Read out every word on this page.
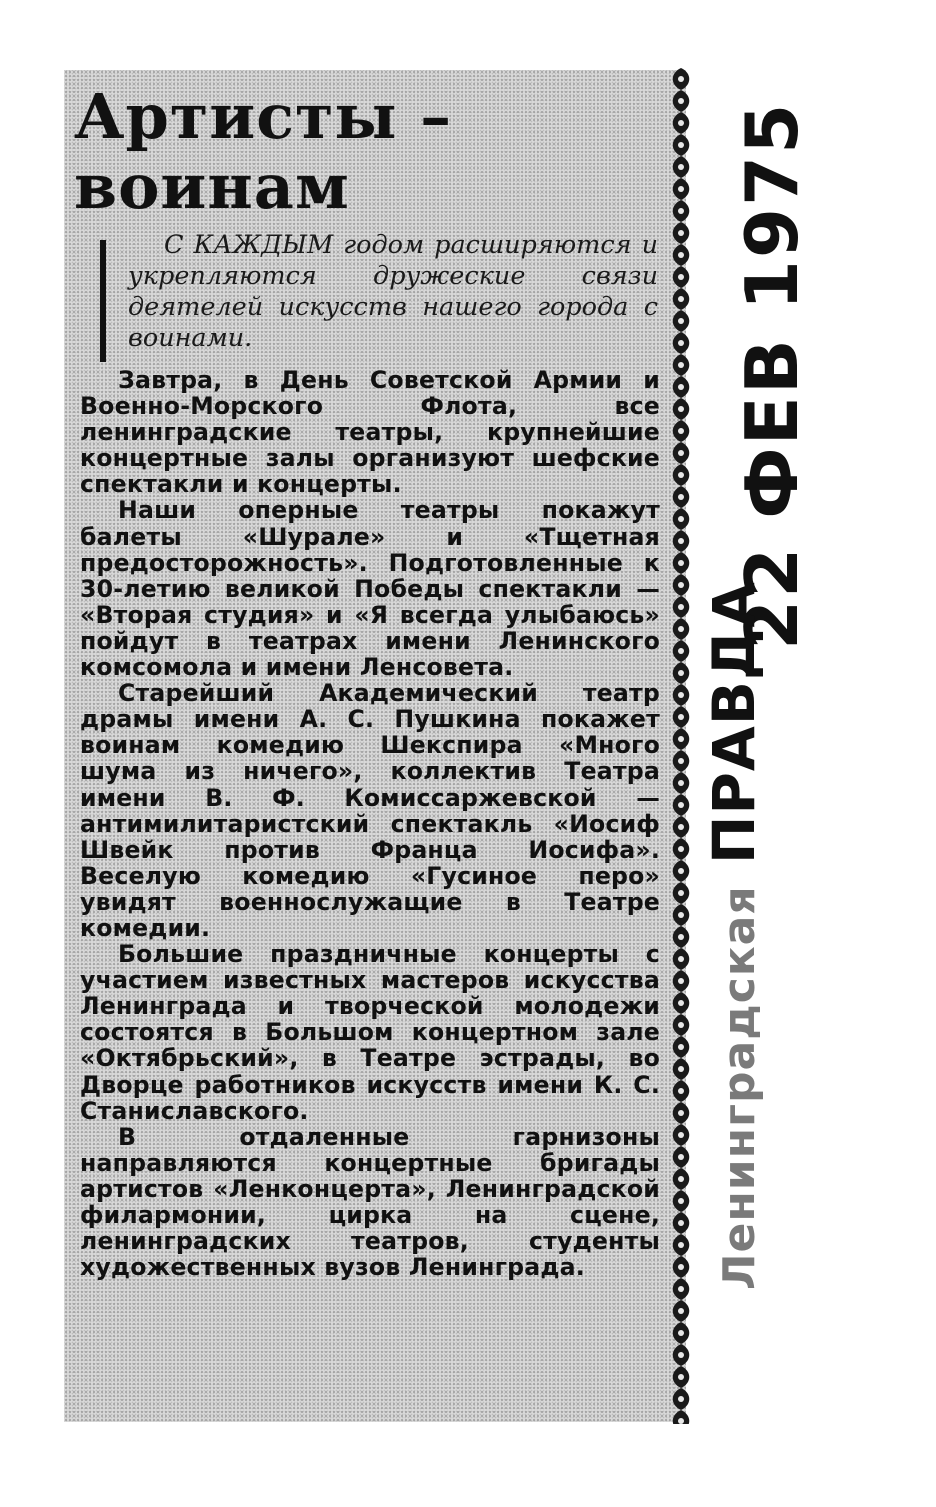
Артисты –
воинам

С КАЖДЫМ годом расширяются и укрепляются дружеские связи деятелей искусств нашего города с воинами.

Завтра, в День Советской Армии и Военно-Морского Флота, все ленинградские театры, крупнейшие концертные залы организуют шефские спектакли и концерты.

Наши оперные театры покажут балеты «Шурале» и «Тщетная предосторожность». Подготовленные к 30-летию великой Победы спектакли — «Вторая студия» и «Я всегда улыбаюсь» пойдут в театрах имени Ленинского комсомола и имени Ленсовета.

Старейший Академический театр драмы имени А. С. Пушкина покажет воинам комедию Шекспира «Много шума из ничего», коллектив Театра имени В. Ф. Комиссаржевской — антимилитаристский спектакль «Иосиф Швейк против Франца Иосифа». Веселую комедию «Гусиное перо» увидят военнослужащие в Театре комедии.

Большие праздничные концерты с участием известных мастеров искусства Ленинграда и творческой молодежи состоятся в Большом концертном зале «Октябрьский», в Театре эстрады, во Дворце работников искусств имени К. С. Станиславского.

В отдаленные гарнизоны направляются концертные бригады артистов «Ленконцерта», Ленинградской филармонии, цирка на сцене, ленинградских театров, студенты художественных вузов Ленинграда.

22 ФЕВ 1975
Ленинградская ПРАВДА
